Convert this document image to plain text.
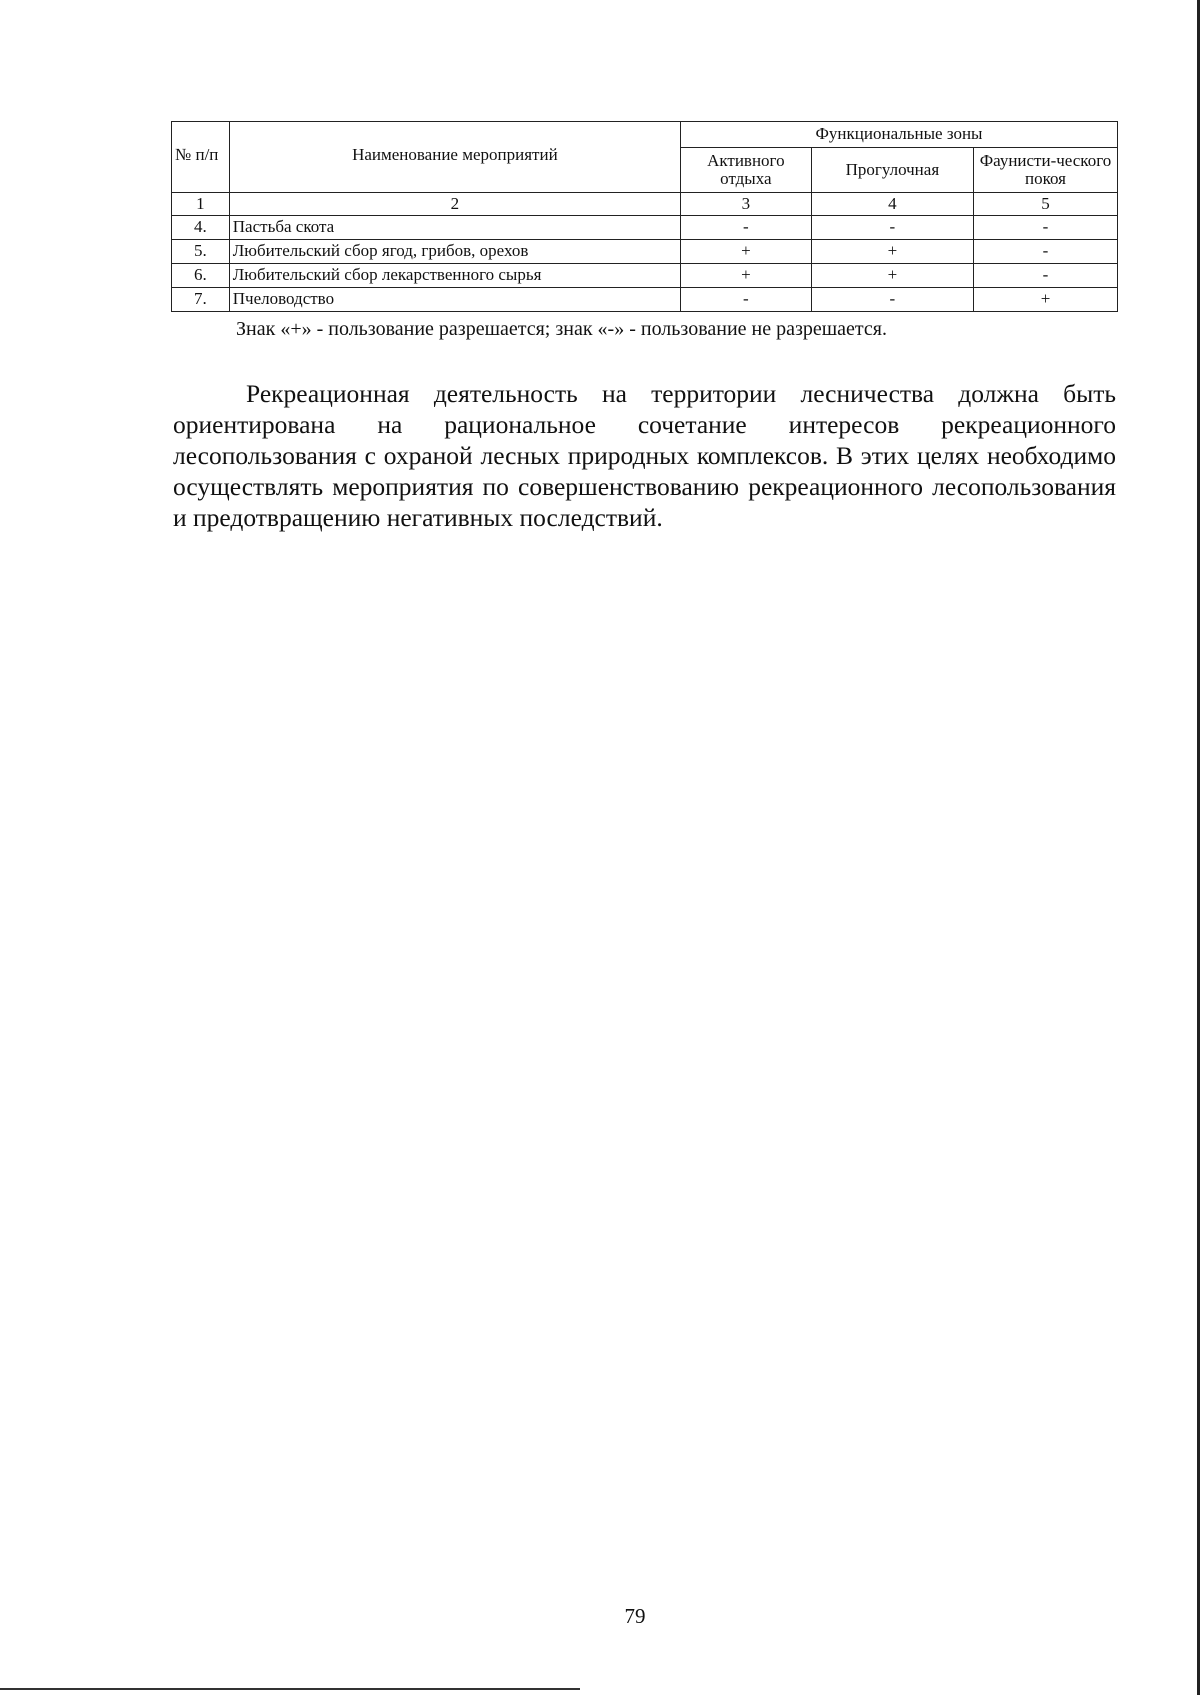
№ п/п	Наименование мероприятий	Функциональные зоны		
		Активного отдыха	Прогулочная	Фаунисти-ческого покоя
1	2	3	4	5
4.	Пастьба скота	-	-	-
5.	Любительский сбор ягод, грибов, орехов	+	+	-
6.	Любительский сбор лекарственного сырья	+	+	-
7.	Пчеловодство	-	-	+
Знак «+» - пользование разрешается; знак «-» - пользование не разрешается.

Рекреационная деятельность на территории лесничества должна быть ориентирована на рациональное сочетание интересов рекреационного лесопользования с охраной лесных природных комплексов. В этих целях необходимо осуществлять мероприятия по совершенствованию рекреационного лесопользования и предотвращению негативных последствий.

79
